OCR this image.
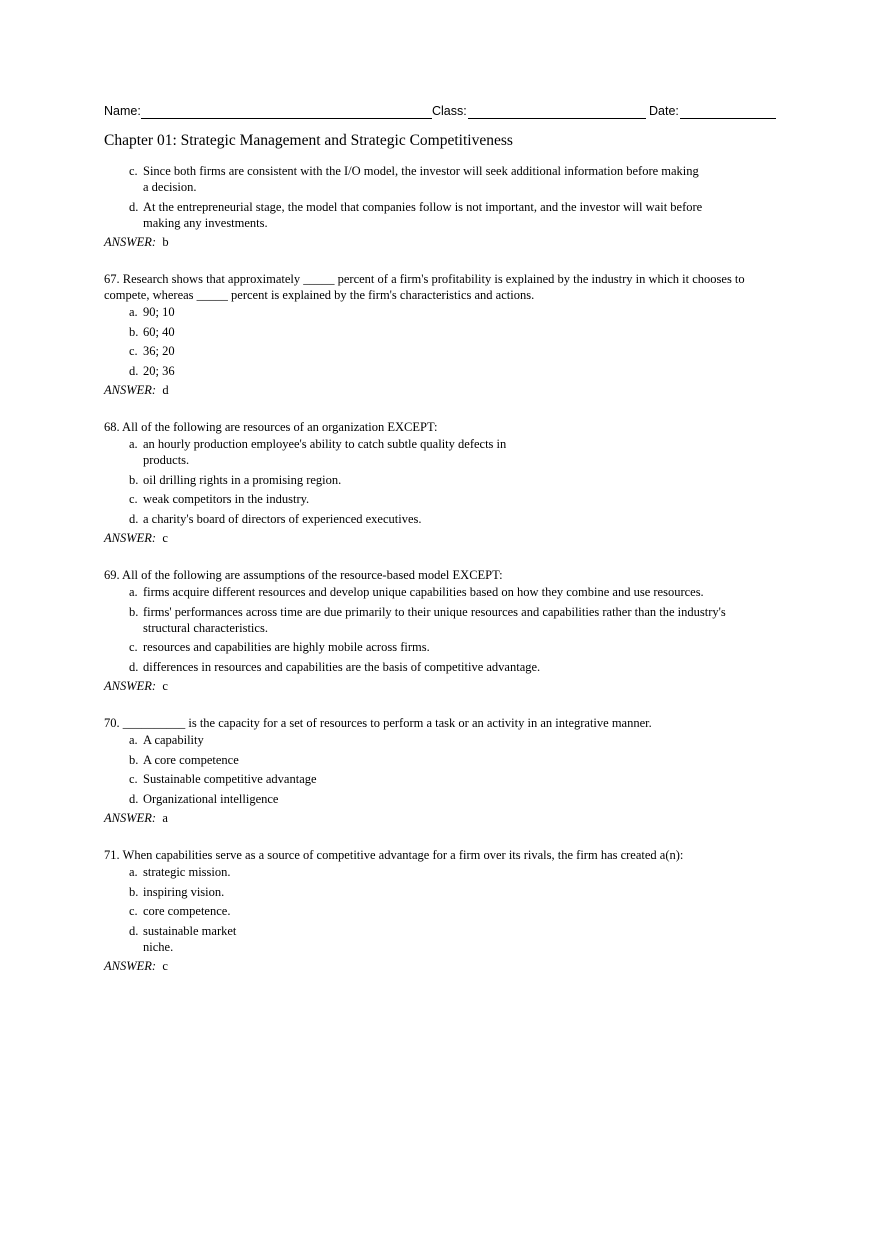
Name:	Class:	Date:
Chapter 01: Strategic Management and Strategic Competitiveness
c. Since both firms are consistent with the I/O model, the investor will seek additional information before making a decision.
d. At the entrepreneurial stage, the model that companies follow is not important, and the investor will wait before making any investments.
ANSWER: b
67. Research shows that approximately _____ percent of a firm's profitability is explained by the industry in which it chooses to compete, whereas _____ percent is explained by the firm's characteristics and actions.
a. 90; 10
b. 60; 40
c. 36; 20
d. 20; 36
ANSWER: d
68. All of the following are resources of an organization EXCEPT:
a. an hourly production employee's ability to catch subtle quality defects in products.
b. oil drilling rights in a promising region.
c. weak competitors in the industry.
d. a charity's board of directors of experienced executives.
ANSWER: c
69. All of the following are assumptions of the resource-based model EXCEPT:
a. firms acquire different resources and develop unique capabilities based on how they combine and use resources.
b. firms' performances across time are due primarily to their unique resources and capabilities rather than the industry's structural characteristics.
c. resources and capabilities are highly mobile across firms.
d. differences in resources and capabilities are the basis of competitive advantage.
ANSWER: c
70. __________ is the capacity for a set of resources to perform a task or an activity in an integrative manner.
a. A capability
b. A core competence
c. Sustainable competitive advantage
d. Organizational intelligence
ANSWER: a
71. When capabilities serve as a source of competitive advantage for a firm over its rivals, the firm has created a(n):
a. strategic mission.
b. inspiring vision.
c. core competence.
d. sustainable market niche.
ANSWER: c
